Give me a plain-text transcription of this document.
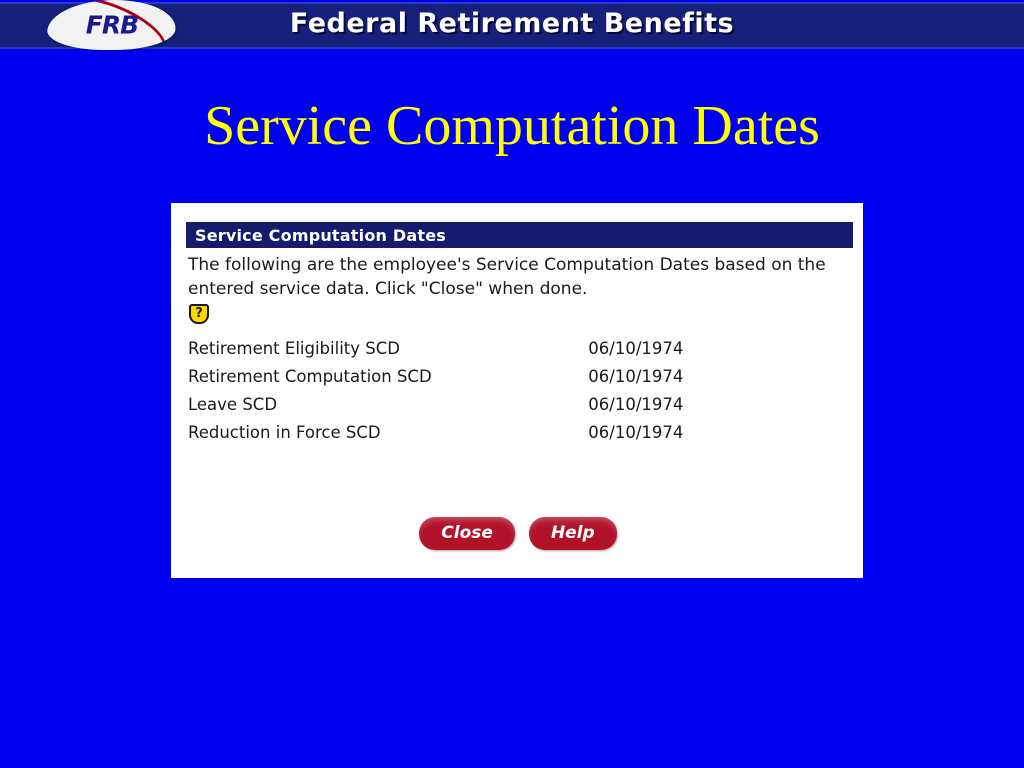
Federal Retirement Benefits
FRB
Service Computation Dates
Service Computation Dates
The following are the employee's Service Computation Dates based on the entered service data. Click "Close" when done.
?
Retirement Eligibility SCD	06/10/1974
Retirement Computation SCD	06/10/1974
Leave SCD	06/10/1974
Reduction in Force SCD	06/10/1974
Close	Help
